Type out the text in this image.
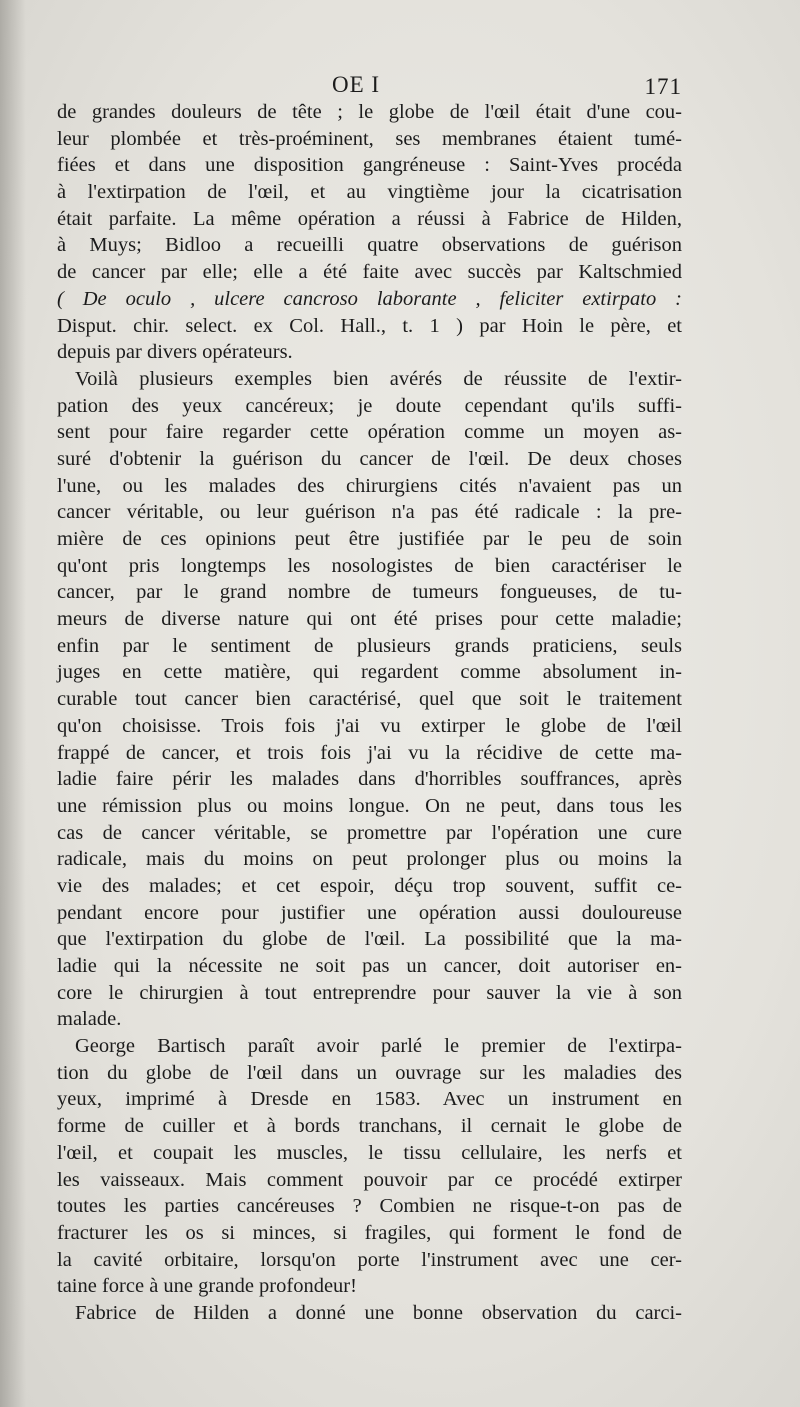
OE I	171
de grandes douleurs de tête ; le globe de l'œil était d'une cou-
leur plombée et très-proéminent, ses membranes étaient tumé-
fiées et dans une disposition gangréneuse : Saint-Yves procéda
à l'extirpation de l'œil, et au vingtième jour la cicatrisation
était parfaite. La même opération a réussi à Fabrice de Hilden,
à Muys; Bidloo a recueilli quatre observations de guérison
de cancer par elle; elle a été faite avec succès par Kaltschmied
( De oculo , ulcere cancroso laborante , feliciter extirpato :
Disput. chir. select. ex Col. Hall., t. 1 ) par Hoin le père, et
depuis par divers opérateurs.
Voilà plusieurs exemples bien avérés de réussite de l'extir-
pation des yeux cancéreux; je doute cependant qu'ils suffi-
sent pour faire regarder cette opération comme un moyen as-
suré d'obtenir la guérison du cancer de l'œil. De deux choses
l'une, ou les malades des chirurgiens cités n'avaient pas un
cancer véritable, ou leur guérison n'a pas été radicale : la pre-
mière de ces opinions peut être justifiée par le peu de soin
qu'ont pris longtemps les nosologistes de bien caractériser le
cancer, par le grand nombre de tumeurs fongueuses, de tu-
meurs de diverse nature qui ont été prises pour cette maladie;
enfin par le sentiment de plusieurs grands praticiens, seuls
juges en cette matière, qui regardent comme absolument in-
curable tout cancer bien caractérisé, quel que soit le traitement
qu'on choisisse. Trois fois j'ai vu extirper le globe de l'œil
frappé de cancer, et trois fois j'ai vu la récidive de cette ma-
ladie faire périr les malades dans d'horribles souffrances, après
une rémission plus ou moins longue. On ne peut, dans tous les
cas de cancer véritable, se promettre par l'opération une cure
radicale, mais du moins on peut prolonger plus ou moins la
vie des malades; et cet espoir, déçu trop souvent, suffit ce-
pendant encore pour justifier une opération aussi douloureuse
que l'extirpation du globe de l'œil. La possibilité que la ma-
ladie qui la nécessite ne soit pas un cancer, doit autoriser en-
core le chirurgien à tout entreprendre pour sauver la vie à son
malade.
George Bartisch paraît avoir parlé le premier de l'extirpa-
tion du globe de l'œil dans un ouvrage sur les maladies des
yeux, imprimé à Dresde en 1583. Avec un instrument en
forme de cuiller et à bords tranchans, il cernait le globe de
l'œil, et coupait les muscles, le tissu cellulaire, les nerfs et
les vaisseaux. Mais comment pouvoir par ce procédé extirper
toutes les parties cancéreuses ? Combien ne risque-t-on pas de
fracturer les os si minces, si fragiles, qui forment le fond de
la cavité orbitaire, lorsqu'on porte l'instrument avec une cer-
taine force à une grande profondeur!
Fabrice de Hilden a donné une bonne observation du carci-
